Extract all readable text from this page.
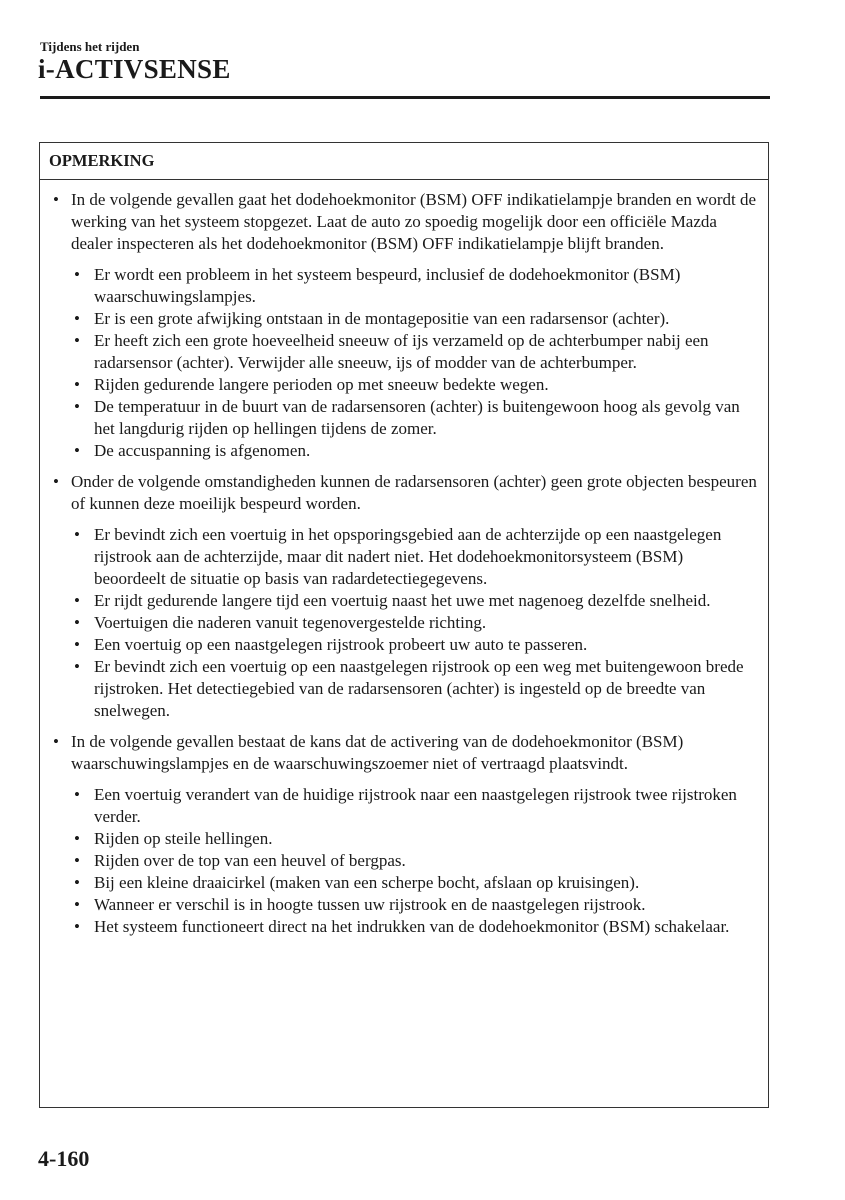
Tijdens het rijden
i-ACTIVSENSE
OPMERKING
• In de volgende gevallen gaat het dodehoekmonitor (BSM) OFF indikatielampje branden en wordt de werking van het systeem stopgezet. Laat de auto zo spoedig mogelijk door een officiële Mazda dealer inspecteren als het dodehoekmonitor (BSM) OFF indikatielampje blijft branden.
• Er wordt een probleem in het systeem bespeurd, inclusief de dodehoekmonitor (BSM) waarschuwingslampjes.
• Er is een grote afwijking ontstaan in de montagepositie van een radarsensor (achter).
• Er heeft zich een grote hoeveelheid sneeuw of ijs verzameld op de achterbumper nabij een radarsensor (achter). Verwijder alle sneeuw, ijs of modder van de achterbumper.
• Rijden gedurende langere perioden op met sneeuw bedekte wegen.
• De temperatuur in de buurt van de radarsensoren (achter) is buitengewoon hoog als gevolg van het langdurig rijden op hellingen tijdens de zomer.
• De accuspanning is afgenomen.
• Onder de volgende omstandigheden kunnen de radarsensoren (achter) geen grote objecten bespeuren of kunnen deze moeilijk bespeurd worden.
• Er bevindt zich een voertuig in het opsporingsgebied aan de achterzijde op een naastgelegen rijstrook aan de achterzijde, maar dit nadert niet. Het dodehoekmonitorsysteem (BSM) beoordeelt de situatie op basis van radardetectiegegevens.
• Er rijdt gedurende langere tijd een voertuig naast het uwe met nagenoeg dezelfde snelheid.
• Voertuigen die naderen vanuit tegenovergestelde richting.
• Een voertuig op een naastgelegen rijstrook probeert uw auto te passeren.
• Er bevindt zich een voertuig op een naastgelegen rijstrook op een weg met buitengewoon brede rijstroken. Het detectiegebied van de radarsensoren (achter) is ingesteld op de breedte van snelwegen.
• In de volgende gevallen bestaat de kans dat de activering van de dodehoekmonitor (BSM) waarschuwingslampjes en de waarschuwingszoemer niet of vertraagd plaatsvindt.
• Een voertuig verandert van de huidige rijstrook naar een naastgelegen rijstrook twee rijstroken verder.
• Rijden op steile hellingen.
• Rijden over de top van een heuvel of bergpas.
• Bij een kleine draaicirkel (maken van een scherpe bocht, afslaan op kruisingen).
• Wanneer er verschil is in hoogte tussen uw rijstrook en de naastgelegen rijstrook.
• Het systeem functioneert direct na het indrukken van de dodehoekmonitor (BSM) schakelaar.
4-160
